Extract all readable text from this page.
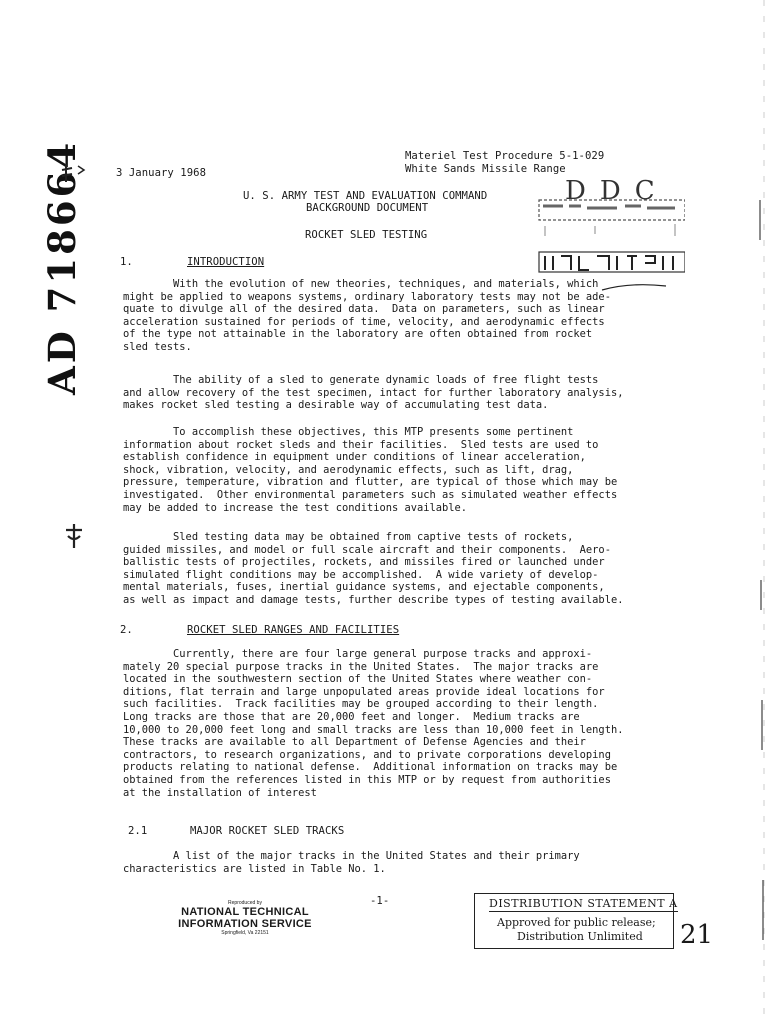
AD 718664	Materiel Test Procedure 5-1-029
White Sands Missile Range
3 January 1968
U. S. ARMY TEST AND EVALUATION COMMAND
BACKGROUND DOCUMENT
ROCKET SLED TESTING
DDC
1.	INTRODUCTION
With the evolution of new theories, techniques, and materials, which
might be applied to weapons systems, ordinary laboratory tests may not be ade-
quate to divulge all of the desired data.  Data on parameters, such as linear
acceleration sustained for periods of time, velocity, and aerodynamic effects
of the type not attainable in the laboratory are often obtained from rocket
sled tests.
The ability of a sled to generate dynamic loads of free flight tests
and allow recovery of the test specimen, intact for further laboratory analysis,
makes rocket sled testing a desirable way of accumulating test data.
To accomplish these objectives, this MTP presents some pertinent
information about rocket sleds and their facilities.  Sled tests are used to
establish confidence in equipment under conditions of linear acceleration,
shock, vibration, velocity, and aerodynamic effects, such as lift, drag,
pressure, temperature, vibration and flutter, are typical of those which may be
investigated.  Other environmental parameters such as simulated weather effects
may be added to increase the test conditions available.
Sled testing data may be obtained from captive tests of rockets,
guided missiles, and model or full scale aircraft and their components.  Aero-
ballistic tests of projectiles, rockets, and missiles fired or launched under
simulated flight conditions may be accomplished.  A wide variety of develop-
mental materials, fuses, inertial guidance systems, and ejectable components,
as well as impact and damage tests, further describe types of testing available.
2.	ROCKET SLED RANGES AND FACILITIES
Currently, there are four large general purpose tracks and approxi-
mately 20 special purpose tracks in the United States.  The major tracks are
located in the southwestern section of the United States where weather con-
ditions, flat terrain and large unpopulated areas provide ideal locations for
such facilities.  Track facilities may be grouped according to their length.
Long tracks are those that are 20,000 feet and longer.  Medium tracks are
10,000 to 20,000 feet long and small tracks are less than 10,000 feet in length.
These tracks are available to all Department of Defense Agencies and their
contractors, to research organizations, and to private corporations developing
products relating to national defense.  Additional information on tracks may be
obtained from the references listed in this MTP or by request from authorities
at the installation of interest
2.1	MAJOR ROCKET SLED TRACKS
A list of the major tracks in the United States and their primary
characteristics are listed in Table No. 1.
-1-
Reproduced by
NATIONAL TECHNICAL
INFORMATION SERVICE
Springfield, Va 22151
DISTRIBUTION STATEMENT A
Approved for public release;
Distribution Unlimited 21
